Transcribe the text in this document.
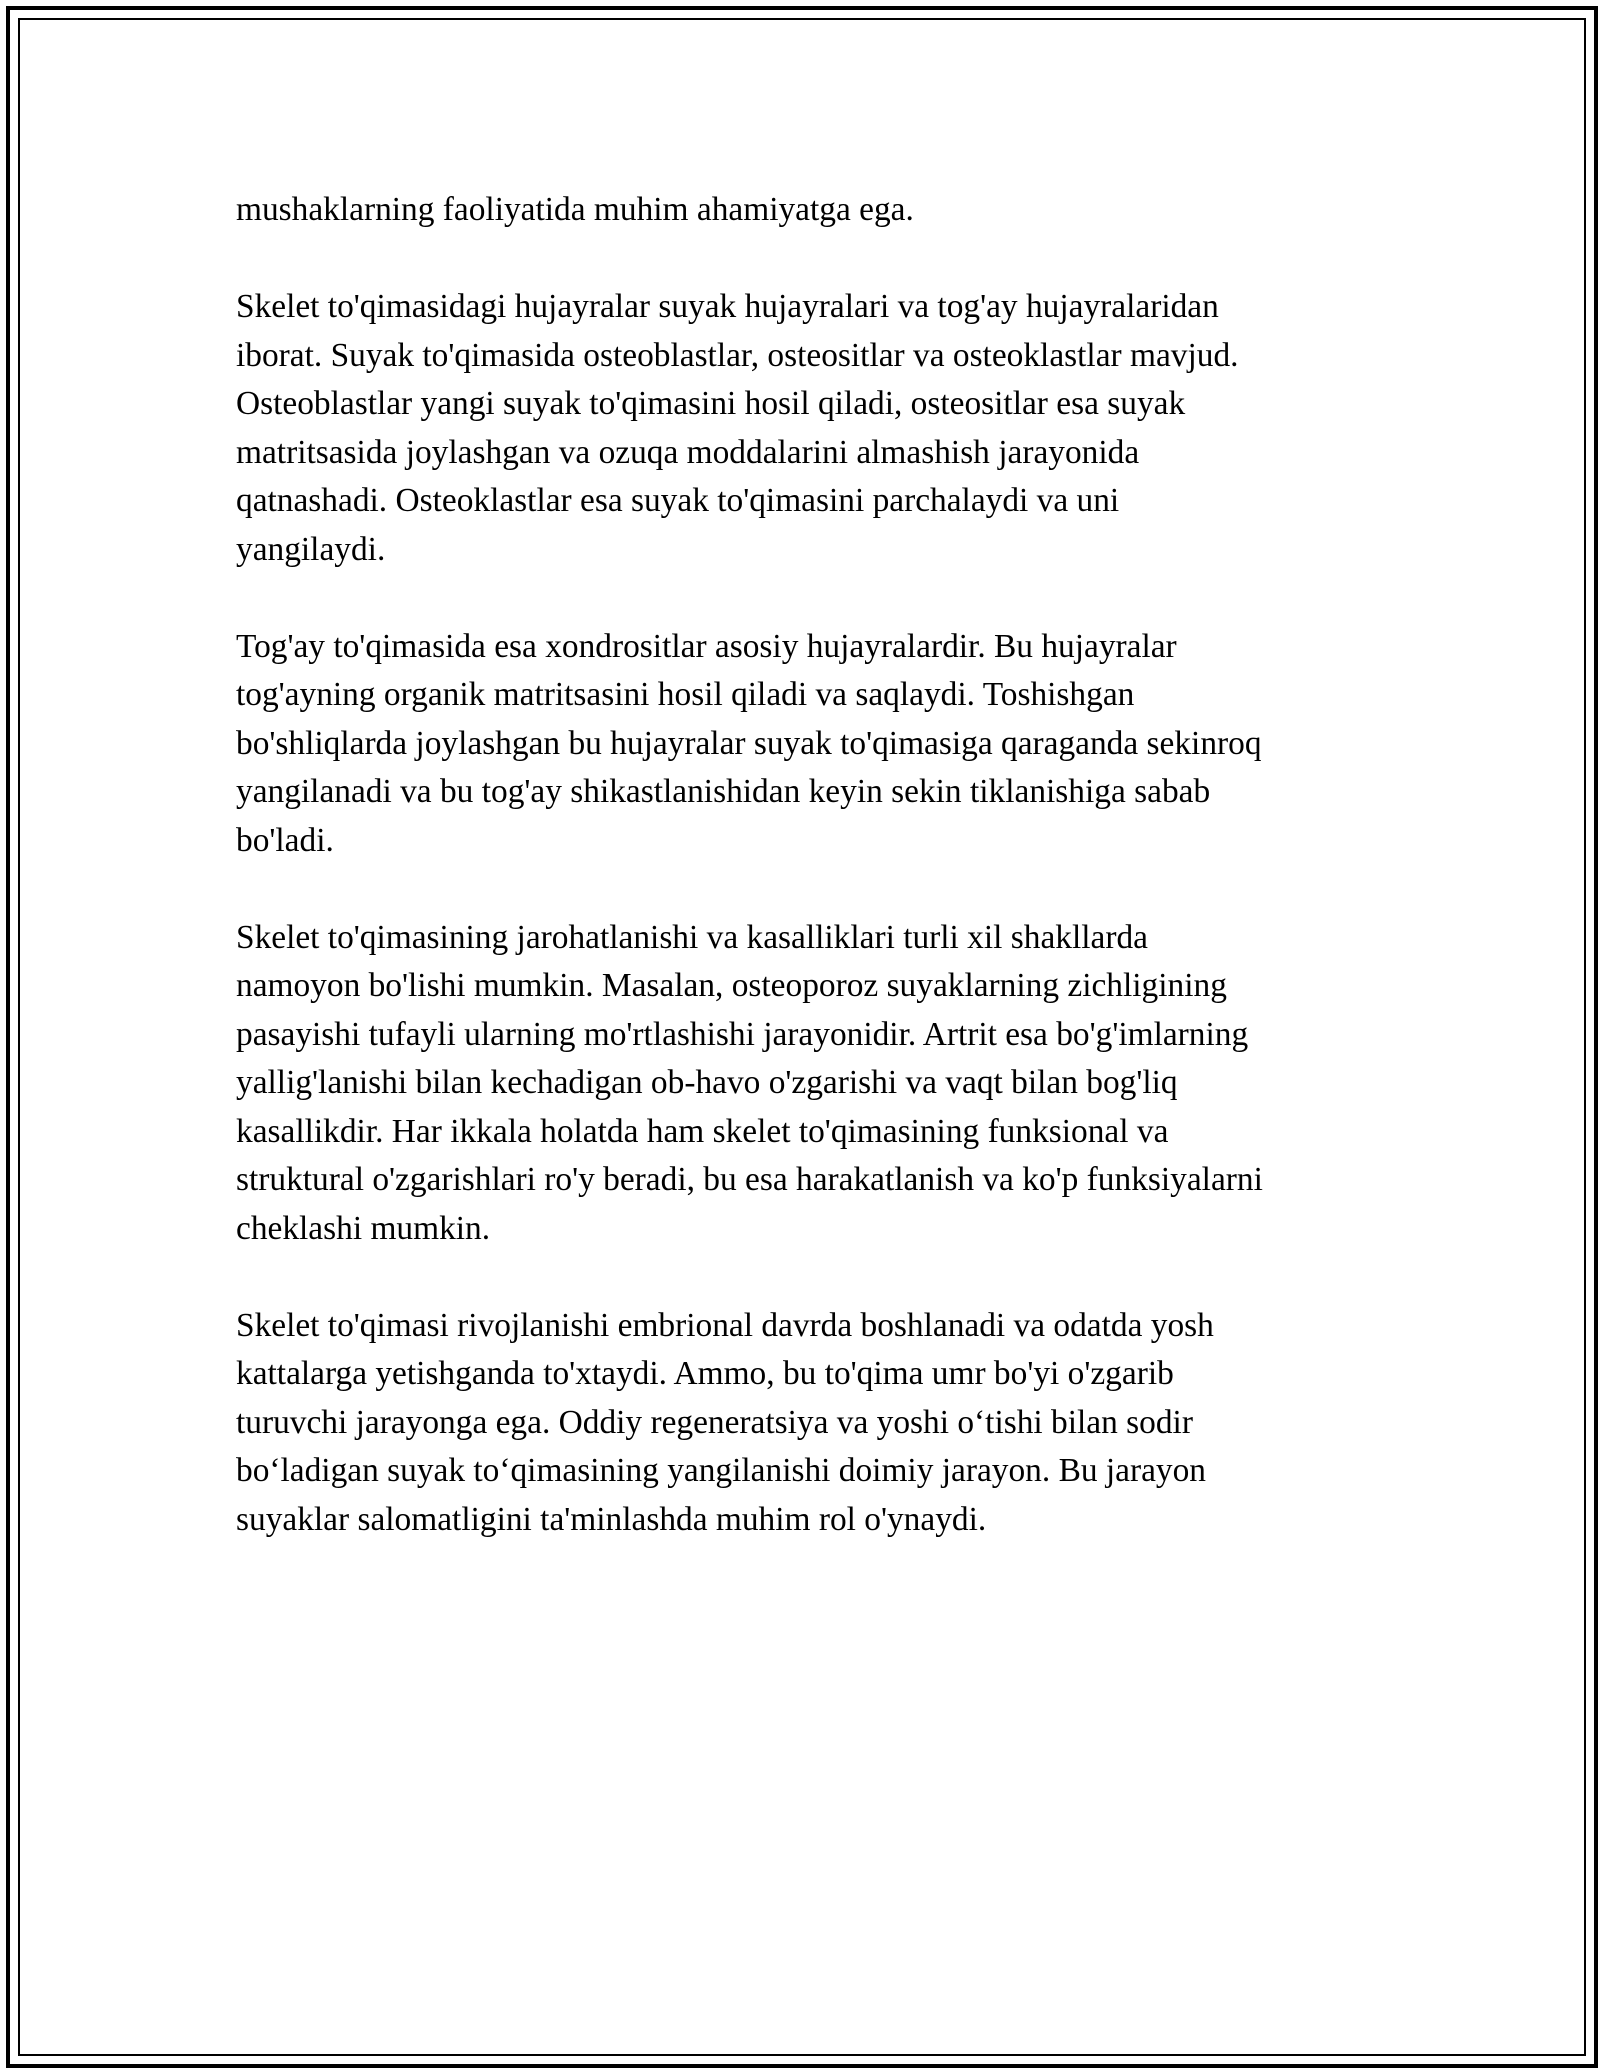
mushaklarning faoliyatida muhim ahamiyatga ega.

Skelet to'qimasidagi hujayralar suyak hujayralari va tog'ay hujayralaridan
iborat. Suyak to'qimasida osteoblastlar, osteositlar va osteoklastlar mavjud.
Osteoblastlar yangi suyak to'qimasini hosil qiladi, osteositlar esa suyak
matritsasida joylashgan va ozuqa moddalarini almashish jarayonida
qatnashadi. Osteoklastlar esa suyak to'qimasini parchalaydi va uni
yangilaydi.

Tog'ay to'qimasida esa xondrositlar asosiy hujayralardir. Bu hujayralar
tog'ayning organik matritsasini hosil qiladi va saqlaydi. Toshishgan
bo'shliqlarda joylashgan bu hujayralar suyak to'qimasiga qaraganda sekinroq
yangilanadi va bu tog'ay shikastlanishidan keyin sekin tiklanishiga sabab
bo'ladi.

Skelet to'qimasining jarohatlanishi va kasalliklari turli xil shakllarda
namoyon bo'lishi mumkin. Masalan, osteoporoz suyaklarning zichligining
pasayishi tufayli ularning mo'rtlashishi jarayonidir. Artrit esa bo'g'imlarning
yallig'lanishi bilan kechadigan ob-havo o'zgarishi va vaqt bilan bog'liq
kasallikdir. Har ikkala holatda ham skelet to'qimasining funksional va
struktural o'zgarishlari ro'y beradi, bu esa harakatlanish va ko'p funksiyalarni
cheklashi mumkin.

Skelet to'qimasi rivojlanishi embrional davrda boshlanadi va odatda yosh
kattalarga yetishganda to'xtaydi. Ammo, bu to'qima umr bo'yi o'zgarib
turuvchi jarayonga ega. Oddiy regeneratsiya va yoshi o‘tishi bilan sodir
bo‘ladigan suyak to‘qimasining yangilanishi doimiy jarayon. Bu jarayon
suyaklar salomatligini ta'minlashda muhim rol o'ynaydi.
